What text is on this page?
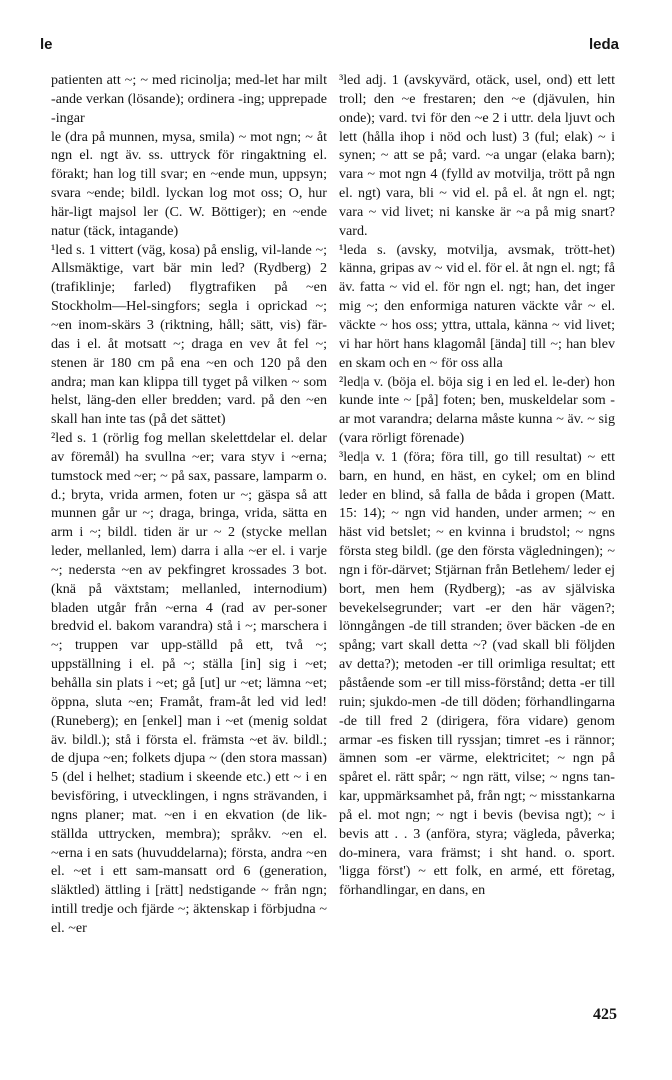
le	leda

patienten att ~; ~ med ricinolja; med-let har milt -ande verkan (lösande); ordinera -ing; upprepade -ingar

le (dra på munnen, mysa, smila) ~ mot ngn; ~ åt ngn el. ngt äv. ss. uttryck för ringaktning el. förakt; han log till svar; en ~ende mun, uppsyn; svara ~ende; bildl. lyckan log mot oss; O, hur här-ligt majsol ler (C. W. Böttiger); en ~ende natur (täck, intagande)

¹led s. 1 vittert (väg, kosa) på enslig, vil-lande ~; Allsmäktige, vart bär min led? (Rydberg) 2 (trafiklinje; farled) flygtrafiken på ~en Stockholm—Hel-singfors; segla i oprickad ~; ~en inom-skärs 3 (riktning, håll; sätt, vis) fär-das i el. åt motsatt ~; draga en vev åt fel ~; stenen är 180 cm på ena ~en och 120 på den andra; man kan klippa till tyget på vilken ~ som helst, läng-den eller bredden; vard. på den ~en skall han inte tas (på det sättet)

²led s. 1 (rörlig fog mellan skelettdelar el. delar av föremål) ha svullna ~er; vara styv i ~erna; tumstock med ~er; ~ på sax, passare, lamparm o. d.; bryta, vrida armen, foten ur ~; gäspa så att munnen går ur ~; draga, bringa, vrida, sätta en arm i ~; bildl. tiden är ur ~ 2 (stycke mellan leder, mellanled, lem) darra i alla ~er el. i varje ~; nedersta ~en av pekfingret krossades 3 bot. (knä på växtstam; mellanled, internodium) bladen utgår från ~erna 4 (rad av per-soner bredvid el. bakom varandra) stå i ~; marschera i ~; truppen var upp-ställd på ett, två ~; uppställning i el. på ~; ställa [in] sig i ~et; behålla sin plats i ~et; gå [ut] ur ~et; lämna ~et; öppna, sluta ~en; Framåt, fram-åt led vid led! (Runeberg); en [enkel] man i ~et (menig soldat äv. bildl.); stå i första el. främsta ~et äv. bildl.; de djupa ~en; folkets djupa ~ (den stora massan) 5 (del i helhet; stadium i skeende etc.) ett ~ i en bevisföring, i utvecklingen, i ngns strävanden, i ngns planer; mat. ~en i en ekvation (de lik-ställda uttrycken, membra); språkv. ~en el. ~erna i en sats (huvuddelarna); första, andra ~en el. ~et i ett sam-mansatt ord 6 (generation, släktled) ättling i [rätt] nedstigande ~ från ngn; intill tredje och fjärde ~; äktenskap i förbjudna ~ el. ~er

³led adj. 1 (avskyvärd, otäck, usel, ond) ett lett troll; den ~e frestaren; den ~e (djävulen, hin onde); vard. tvi för den ~e 2 i uttr. dela ljuvt och lett (hålla ihop i nöd och lust) 3 (ful; elak) ~ i synen; ~ att se på; vard. ~a ungar (elaka barn); vara ~ mot ngn 4 (fylld av motvilja, trött på ngn el. ngt) vara, bli ~ vid el. på el. åt ngn el. ngt; vara ~ vid livet; ni kanske är ~a på mig snart? vard.

¹leda s. (avsky, motvilja, avsmak, trött-het) känna, gripas av ~ vid el. för el. åt ngn el. ngt; få äv. fatta ~ vid el. för ngn el. ngt; han, det inger mig ~; den enformiga naturen väckte vår ~ el. väckte ~ hos oss; yttra, uttala, känna ~ vid livet; vi har hört hans klagomål [ända] till ~; han blev en skam och en ~ för oss alla

²led|a v. (böja el. böja sig i en led el. le-der) hon kunde inte ~ [på] foten; ben, muskeldelar som -ar mot varandra; delarna måste kunna ~ äv. ~ sig (vara rörligt förenade)

³led|a v. 1 (föra; föra till, go till resultat) ~ ett barn, en hund, en häst, en cykel; om en blind leder en blind, så falla de båda i gropen (Matt. 15: 14); ~ ngn vid handen, under armen; ~ en häst vid betslet; ~ en kvinna i brudstol; ~ ngns första steg bildl. (ge den första vägledningen); ~ ngn i för-därvet; Stjärnan från Betlehem/ leder ej bort, men hem (Rydberg); -as av själviska bevekelsegrunder; vart -er den här vägen?; lönngången -de till stranden; över bäcken -de en spång; vart skall detta ~? (vad skall bli följden av detta?); metoden -er till orimliga resultat; ett påstående som -er till miss-förstånd; detta -er till ruin; sjukdo-men -de till döden; förhandlingarna -de till fred 2 (dirigera, föra vidare) genom armar -es fisken till ryssjan; timret -es i rännor; ämnen som -er värme, elektricitet; ~ ngn på spåret el. rätt spår; ~ ngn rätt, vilse; ~ ngns tan-kar, uppmärksamhet på, från ngt; ~ misstankarna på el. mot ngn; ~ ngt i bevis (bevisa ngt); ~ i bevis att . . 3 (anföra, styra; vägleda, påverka; do-minera, vara främst; i sht hand. o. sport. 'ligga först') ~ ett folk, en armé, ett företag, förhandlingar, en dans, en

425
